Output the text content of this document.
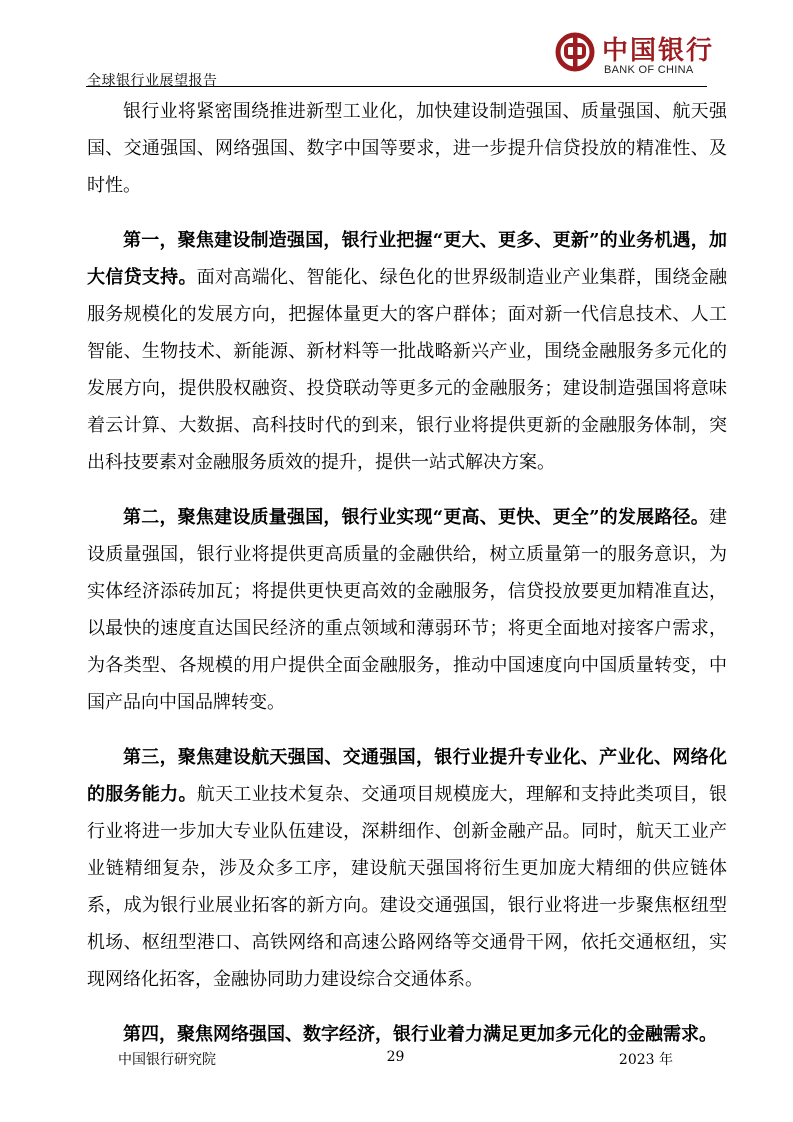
全球银行业展望报告
中国银行
BANK OF CHINA

银行业将紧密围绕推进新型工业化，加快建设制造强国、质量强国、航天强国、交通强国、网络强国、数字中国等要求，进一步提升信贷投放的精准性、及时性。

第一，聚焦建设制造强国，银行业把握“更大、更多、更新”的业务机遇，加大信贷支持。面对高端化、智能化、绿色化的世界级制造业产业集群，围绕金融服务规模化的发展方向，把握体量更大的客户群体；面对新一代信息技术、人工智能、生物技术、新能源、新材料等一批战略新兴产业，围绕金融服务多元化的发展方向，提供股权融资、投贷联动等更多元的金融服务；建设制造强国将意味着云计算、大数据、高科技时代的到来，银行业将提供更新的金融服务体制，突出科技要素对金融服务质效的提升，提供一站式解决方案。

第二，聚焦建设质量强国，银行业实现“更高、更快、更全”的发展路径。建设质量强国，银行业将提供更高质量的金融供给，树立质量第一的服务意识，为实体经济添砖加瓦；将提供更快更高效的金融服务，信贷投放要更加精准直达，以最快的速度直达国民经济的重点领域和薄弱环节；将更全面地对接客户需求，为各类型、各规模的用户提供全面金融服务，推动中国速度向中国质量转变，中国产品向中国品牌转变。

第三，聚焦建设航天强国、交通强国，银行业提升专业化、产业化、网络化的服务能力。航天工业技术复杂、交通项目规模庞大，理解和支持此类项目，银行业将进一步加大专业队伍建设，深耕细作、创新金融产品。同时，航天工业产业链精细复杂，涉及众多工序，建设航天强国将衍生更加庞大精细的供应链体系，成为银行业展业拓客的新方向。建设交通强国，银行业将进一步聚焦枢纽型机场、枢纽型港口、高铁网络和高速公路网络等交通骨干网，依托交通枢纽，实现网络化拓客，金融协同助力建设综合交通体系。

第四，聚焦网络强国、数字经济，银行业着力满足更加多元化的金融需求。

中国银行研究院	29	2023 年
